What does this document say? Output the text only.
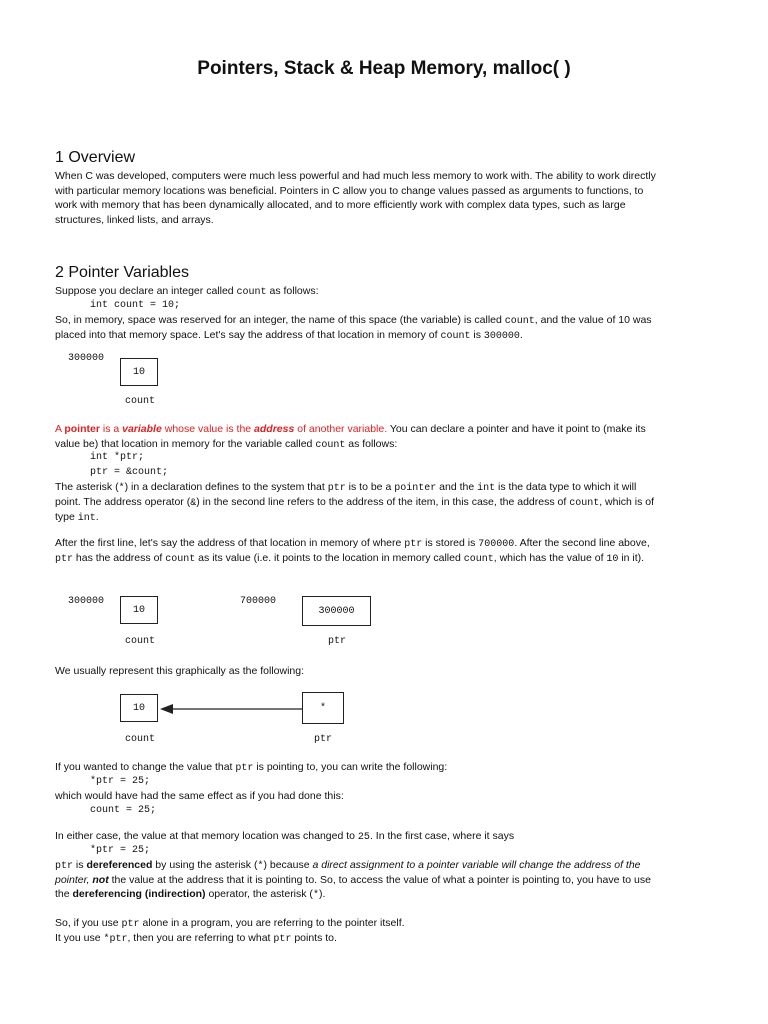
Pointers, Stack & Heap Memory, malloc( )
1 Overview
When C was developed, computers were much less powerful and had much less memory to work with. The ability to work directly
with particular memory locations was beneficial. Pointers in C allow you to change values passed as arguments to functions, to
work with memory that has been dynamically allocated, and to more efficiently work with complex data types, such as large
structures, linked lists, and arrays.
2 Pointer Variables
Suppose you declare an integer called count as follows:
int count = 10;
So, in memory, space was reserved for an integer, the name of this space (the variable) is called count, and the value of 10 was
placed into that memory space. Let's say the address of that location in memory of count is 300000.
300000
10
count
A pointer is a variable whose value is the address of another variable. You can declare a pointer and have it point to (make its
value be) that location in memory for the variable called count as follows:
int *ptr;
ptr = &count;
The asterisk (*) in a declaration defines to the system that ptr is to be a pointer and the int is the data type to which it will
point. The address operator (&) in the second line refers to the address of the item, in this case, the address of count, which is of
type int.
After the first line, let's say the address of that location in memory of where ptr is stored is 700000. After the second line above,
ptr has the address of count as its value (i.e. it points to the location in memory called count, which has the value of 10 in it).
300000
10
count
700000
300000
ptr
We usually represent this graphically as the following:
10
count
*
ptr
If you wanted to change the value that ptr is pointing to, you can write the following:
*ptr = 25;
which would have had the same effect as if you had done this:
count = 25;
In either case, the value at that memory location was changed to 25. In the first case, where it says
*ptr = 25;
ptr is dereferenced by using the asterisk (*) because a direct assignment to a pointer variable will change the address of the
pointer, not the value at the address that it is pointing to. So, to access the value of what a pointer is pointing to, you have to use
the dereferencing (indirection) operator, the asterisk (*).
So, if you use ptr alone in a program, you are referring to the pointer itself.
It you use *ptr, then you are referring to what ptr points to.
